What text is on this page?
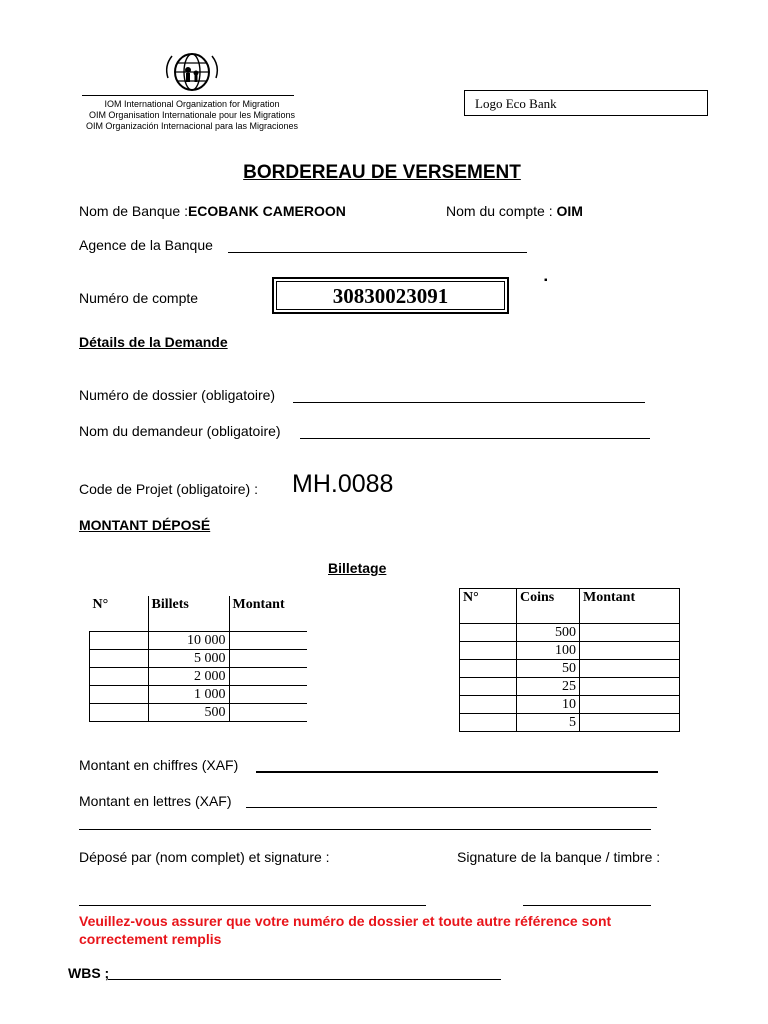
IOM International Organization for Migration
OIM Organisation Internationale pour les Migrations
OIM Organización Internacional para las Migraciones
Logo Eco Bank
BORDEREAU DE VERSEMENT
Nom de Banque :ECOBANK CAMEROON	Nom du compte : OIM
Agence de la Banque
Numéro de compte	30830023091
▪
Détails de la Demande
Numéro de dossier (obligatoire)
Nom du demandeur (obligatoire)
Code de Projet (obligatoire) : MH.0088
MONTANT DÉPOSÉ
Billetage
N°	Billets	Montant
	10 000	
	5 000	
	2 000	
	1 000	
	500	
N°	Coins	Montant
	500	
	100	
	50	
	25	
	10	
	5	
Montant en chiffres (XAF)
Montant en lettres (XAF)
Déposé par (nom complet) et signature :	Signature de la banque / timbre :
Veuillez-vous assurer que votre numéro de dossier et toute autre référence sont
correctement remplis
WBS ;
